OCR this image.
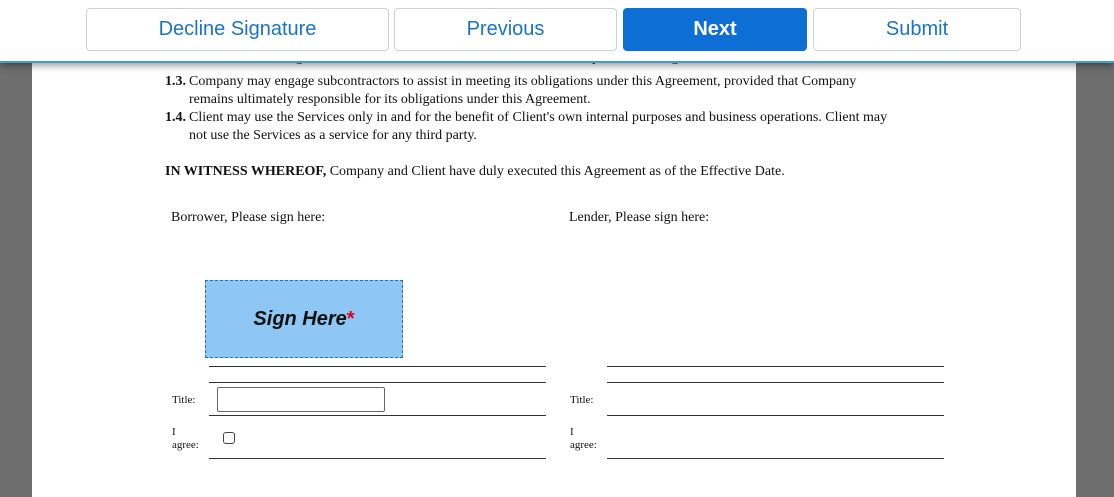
1.3. Company may engage subcontractors to assist in meeting its obligations under this Agreement, provided that Company
remains ultimately responsible for its obligations under this Agreement.
1.4. Client may use the Services only in and for the benefit of Client's own internal purposes and business operations. Client may
not use the Services as a service for any third party.
IN WITNESS WHEREOF, Company and Client have duly executed this Agreement as of the Effective Date.
Borrower, Please sign here:	Lender, Please sign here:
Sign Here *
Title:
I
agree:
Title:
I
agree:
Decline Signature	Previous	Next	Submit
